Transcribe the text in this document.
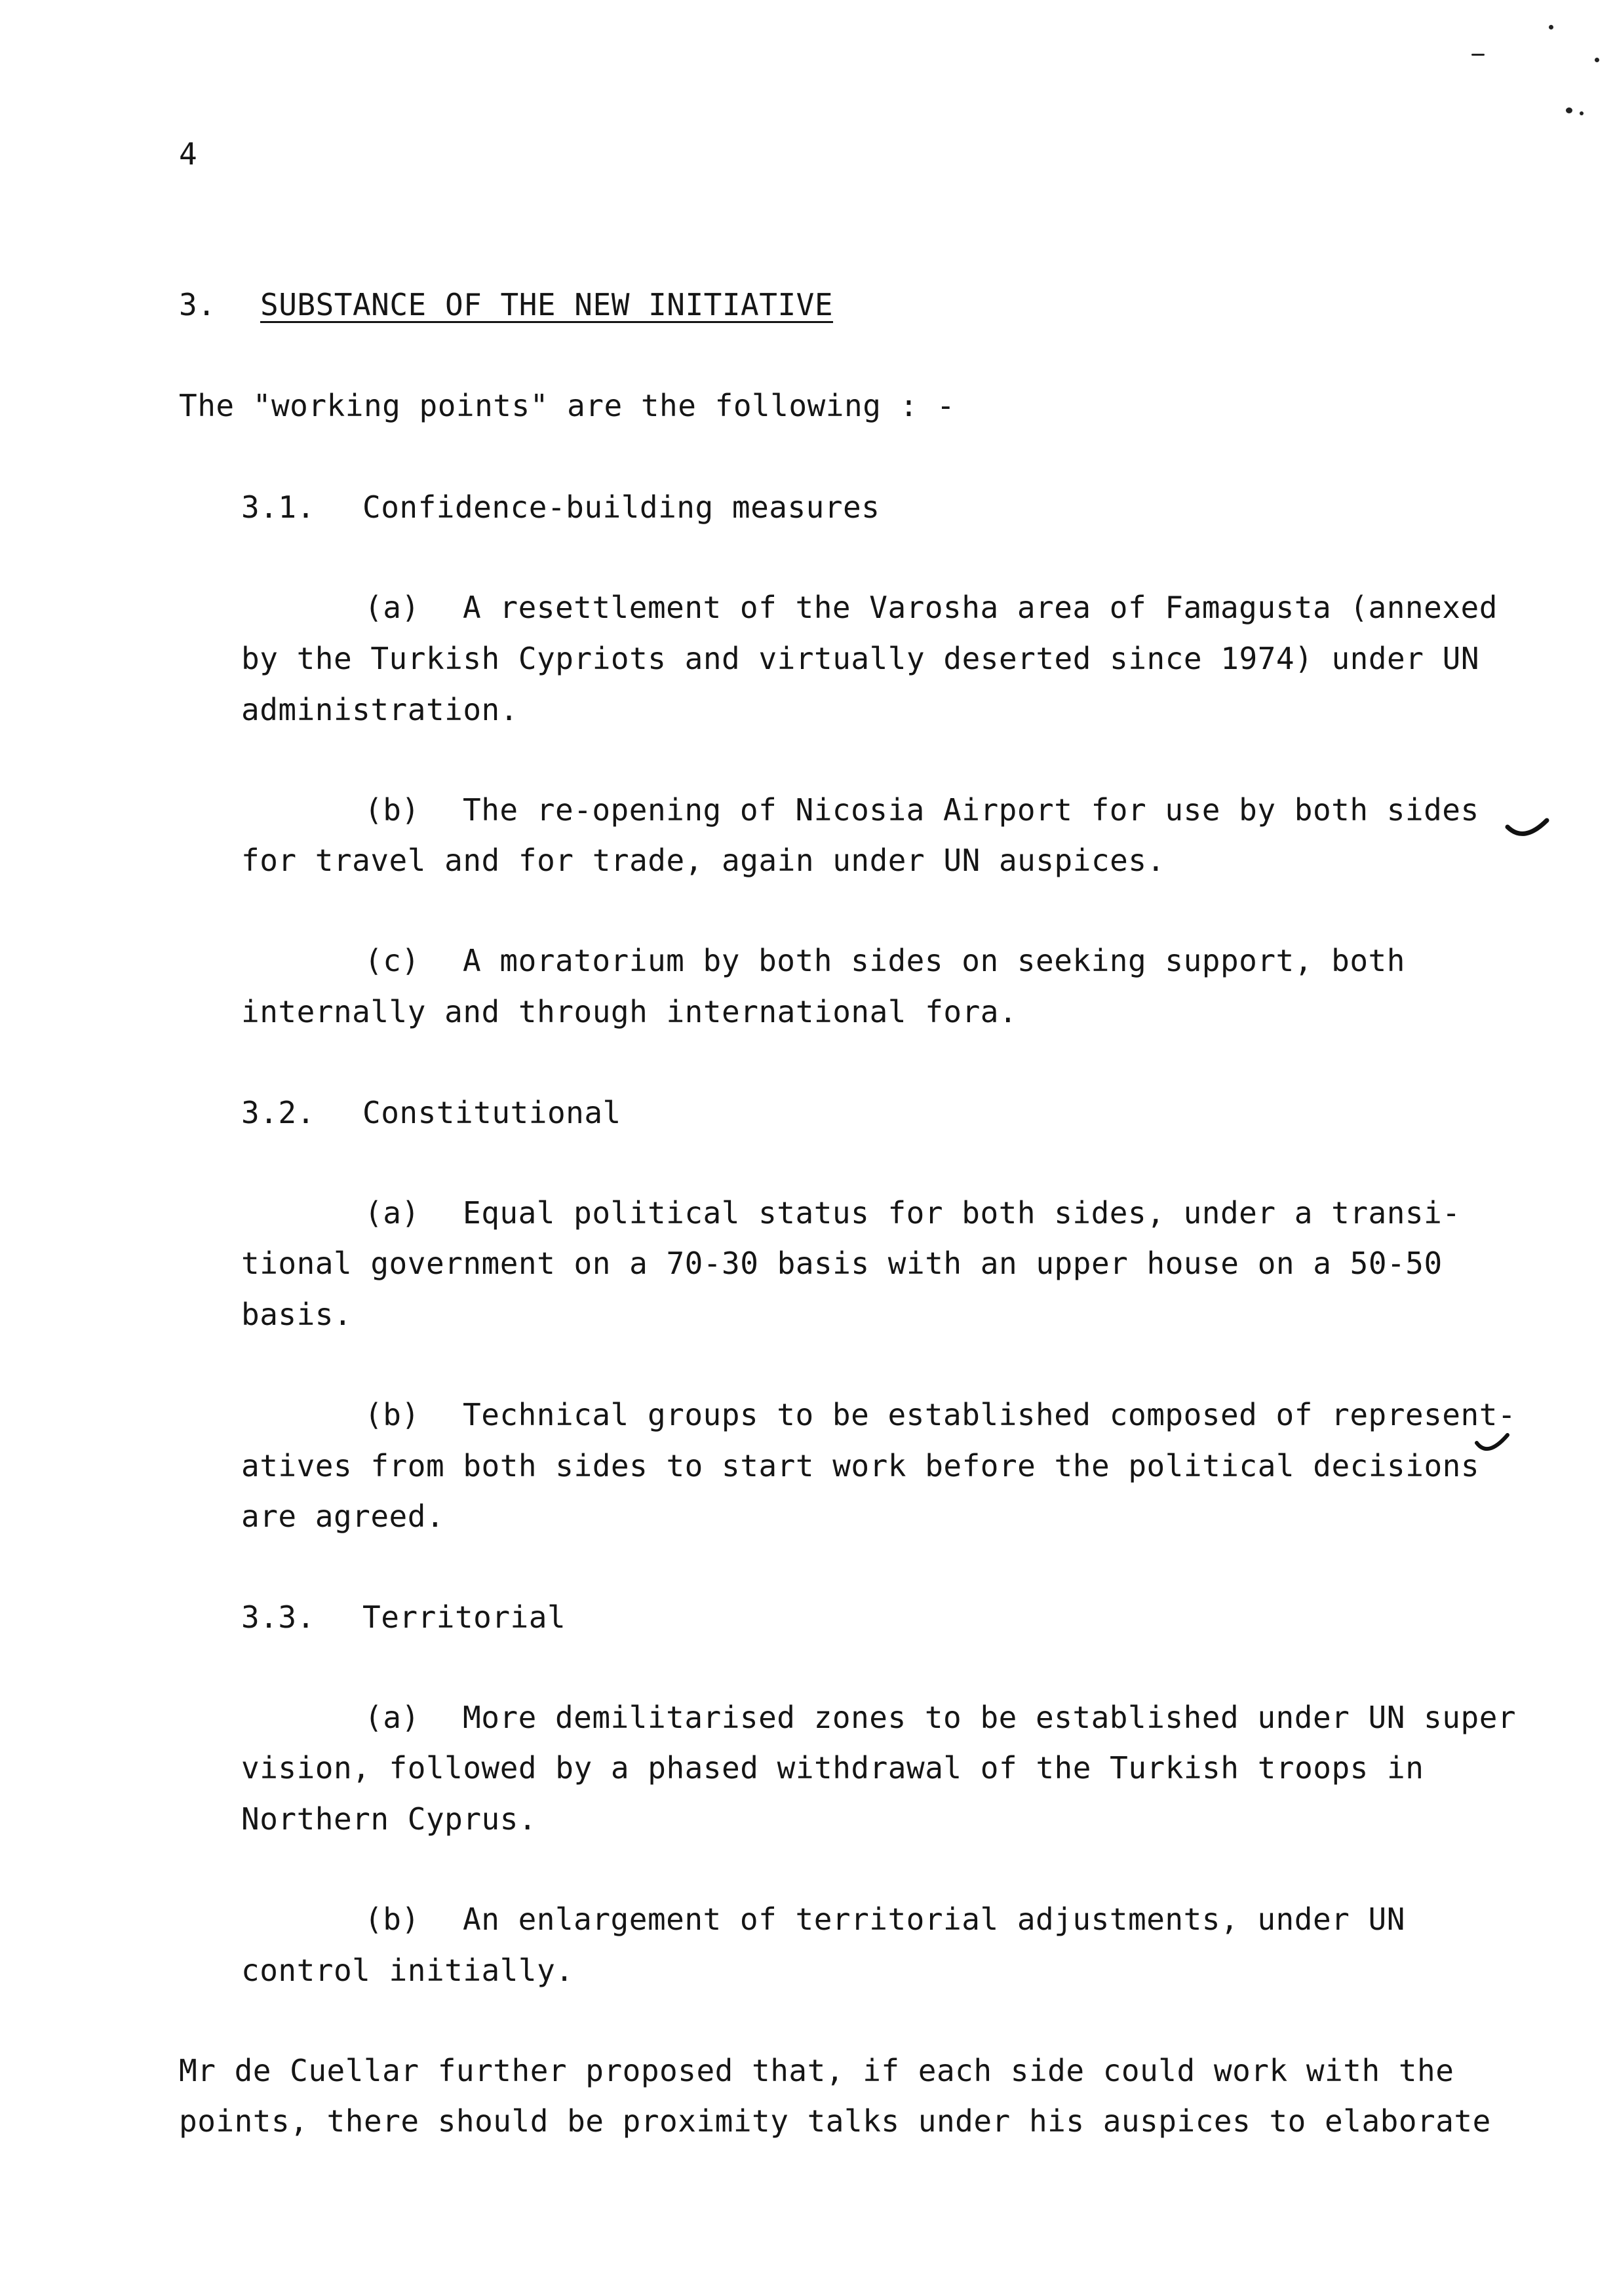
4
3. SUBSTANCE OF THE NEW INITIATIVE
The "working points" are the following : -
3.1. Confidence-building measures
(a) A resettlement of the Varosha area of Famagusta (annexed
by the Turkish Cypriots and virtually deserted since 1974) under UN
administration.
(b) The re-opening of Nicosia Airport for use by both sides
for travel and for trade, again under UN auspices.
(c) A moratorium by both sides on seeking support, both
internally and through international fora.
3.2. Constitutional
(a) Equal political status for both sides, under a transi-
tional government on a 70-30 basis with an upper house on a 50-50
basis.
(b) Technical groups to be established composed of represent-
atives from both sides to start work before the political decisions
are agreed.
3.3. Territorial
(a) More demilitarised zones to be established under UN super
vision, followed by a phased withdrawal of the Turkish troops in
Northern Cyprus.
(b) An enlargement of territorial adjustments, under UN
control initially.
Mr de Cuellar further proposed that, if each side could work with the
points, there should be proximity talks under his auspices to elaborate
